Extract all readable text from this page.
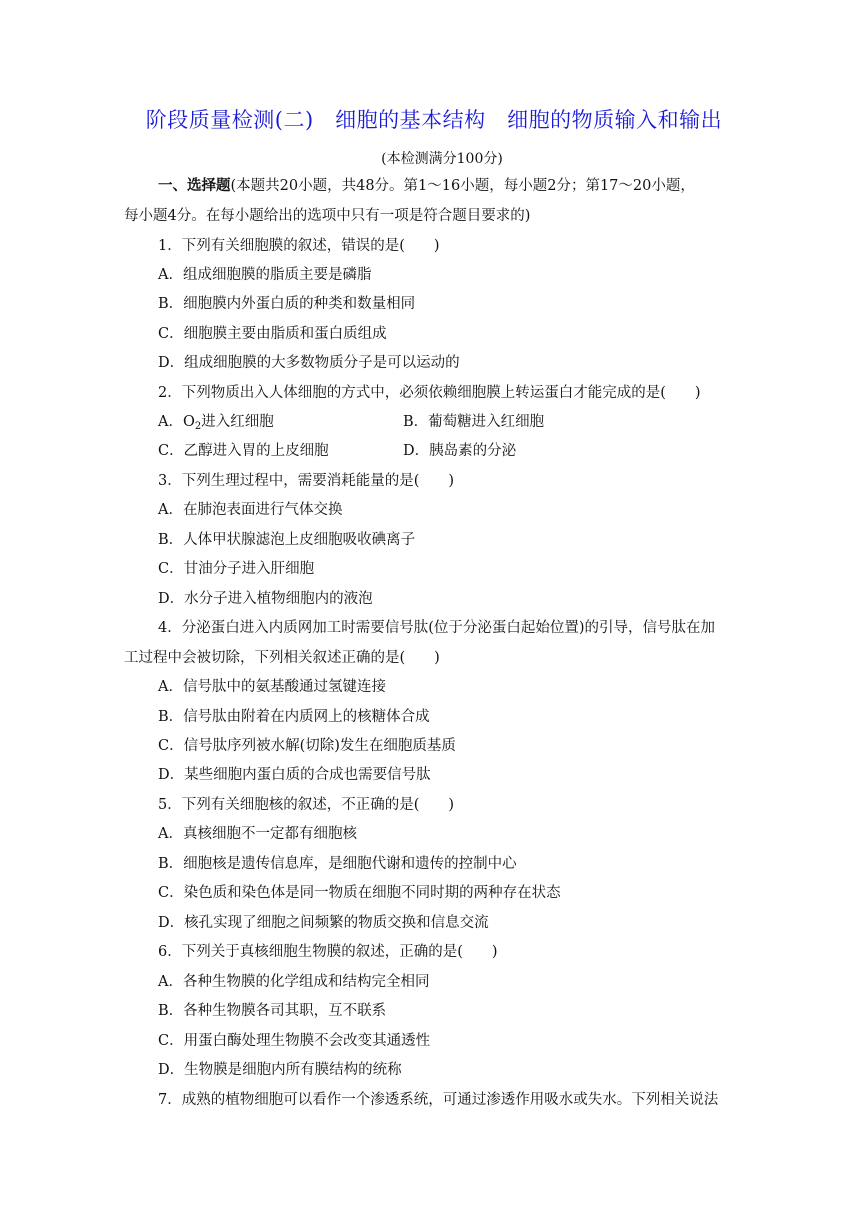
阶段质量检测(二)　细胞的基本结构　细胞的物质输入和输出
(本检测满分100分)
一、选择题(本题共20小题，共48分。第1～16小题，每小题2分；第17～20小题，
每小题4分。在每小题给出的选项中只有一项是符合题目要求的)
1．下列有关细胞膜的叙述，错误的是(　　)
A．组成细胞膜的脂质主要是磷脂
B．细胞膜内外蛋白质的种类和数量相同
C．细胞膜主要由脂质和蛋白质组成
D．组成细胞膜的大多数物质分子是可以运动的
2．下列物质出入人体细胞的方式中，必须依赖细胞膜上转运蛋白才能完成的是(　　)
A．$O_2$进入红细胞	B．葡萄糖进入红细胞
C．乙醇进入胃的上皮细胞	D．胰岛素的分泌
3．下列生理过程中，需要消耗能量的是(　　)
A．在肺泡表面进行气体交换
B．人体甲状腺滤泡上皮细胞吸收碘离子
C．甘油分子进入肝细胞
D．水分子进入植物细胞内的液泡
4．分泌蛋白进入内质网加工时需要信号肽(位于分泌蛋白起始位置)的引导，信号肽在加
工过程中会被切除，下列相关叙述正确的是(　　)
A．信号肽中的氨基酸通过氢键连接
B．信号肽由附着在内质网上的核糖体合成
C．信号肽序列被水解(切除)发生在细胞质基质
D．某些细胞内蛋白质的合成也需要信号肽
5．下列有关细胞核的叙述，不正确的是(　　)
A．真核细胞不一定都有细胞核
B．细胞核是遗传信息库，是细胞代谢和遗传的控制中心
C．染色质和染色体是同一物质在细胞不同时期的两种存在状态
D．核孔实现了细胞之间频繁的物质交换和信息交流
6．下列关于真核细胞生物膜的叙述，正确的是(　　)
A．各种生物膜的化学组成和结构完全相同
B．各种生物膜各司其职，互不联系
C．用蛋白酶处理生物膜不会改变其通透性
D．生物膜是细胞内所有膜结构的统称
7．成熟的植物细胞可以看作一个渗透系统，可通过渗透作用吸水或失水。下列相关说法
